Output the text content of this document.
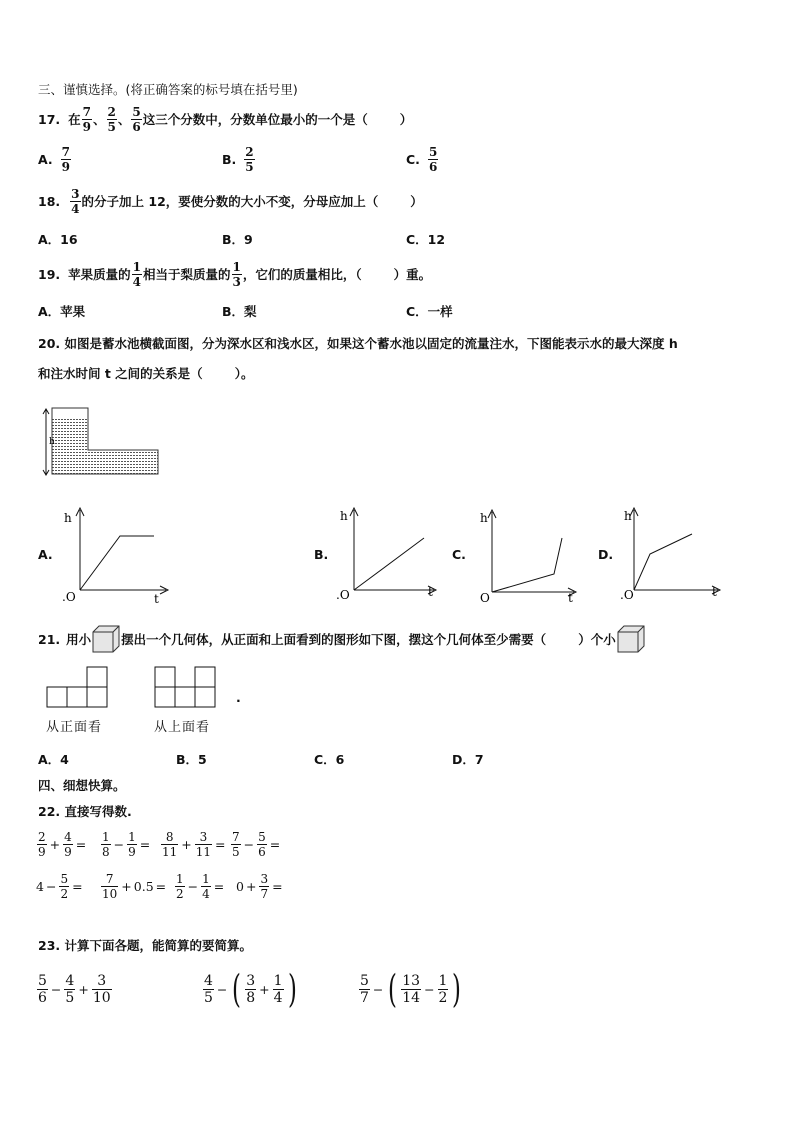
三、谨慎选择。(将正确答案的标号填在括号里)
17. 在 $\frac{7}{9}$ 、 $\frac{2}{5}$ 、 $\frac{5}{6}$ 这三个分数中，分数单位最小的一个是（	）
A. $\frac{7}{9}$	B. $\frac{2}{5}$	C. $\frac{5}{6}$
18. $\frac{3}{4}$ 的分子加上 12，要使分数的大小不变，分母应加上（	）
A．16	B．9	C．12
19. 苹果质量的 $\frac{1}{4}$ 相当于梨质量的 $\frac{1}{3}$ ，它们的质量相比，（	）重。
A．苹果	B．梨	C．一样
20. 如图是蓄水池横截面图，分为深水区和浅水区，如果这个蓄水池以固定的流量注水，下图能表示水的最大深度 h
和注水时间 t 之间的关系是（	）。
h
A.
h
t
.O
B.
h
t
.O
C.
h
t
O
D.
h
t
.O
21. 用小 摆出一个几何体，从正面和上面看到的图形如下图，摆这个几何体至少需要（	）个小
从正面看	从上面看
.
A．4	B．5	C．6	D．7
四、细想快算。
22. 直接写得数.
$\frac{2}{9} + \frac{4}{9} = \frac{1}{8} - \frac{1}{9} = \frac{8}{11} + \frac{3}{11} = \frac{7}{5} - \frac{5}{6}$ =
$4 - \frac{5}{2} = \frac{7}{10} + 0.5 = \frac{1}{2} - \frac{1}{4} = 0 + \frac{3}{7}$ =
23. 计算下面各题，能简算的要简算。
$\frac{5}{6} - \frac{4}{5} + \frac{3}{10}$	$\frac{4}{5}$ − ( $\frac{3}{8} + \frac{1}{4}$ )	$\frac{5}{7}$ − ( $\frac{13}{14} - \frac{1}{2}$ )
